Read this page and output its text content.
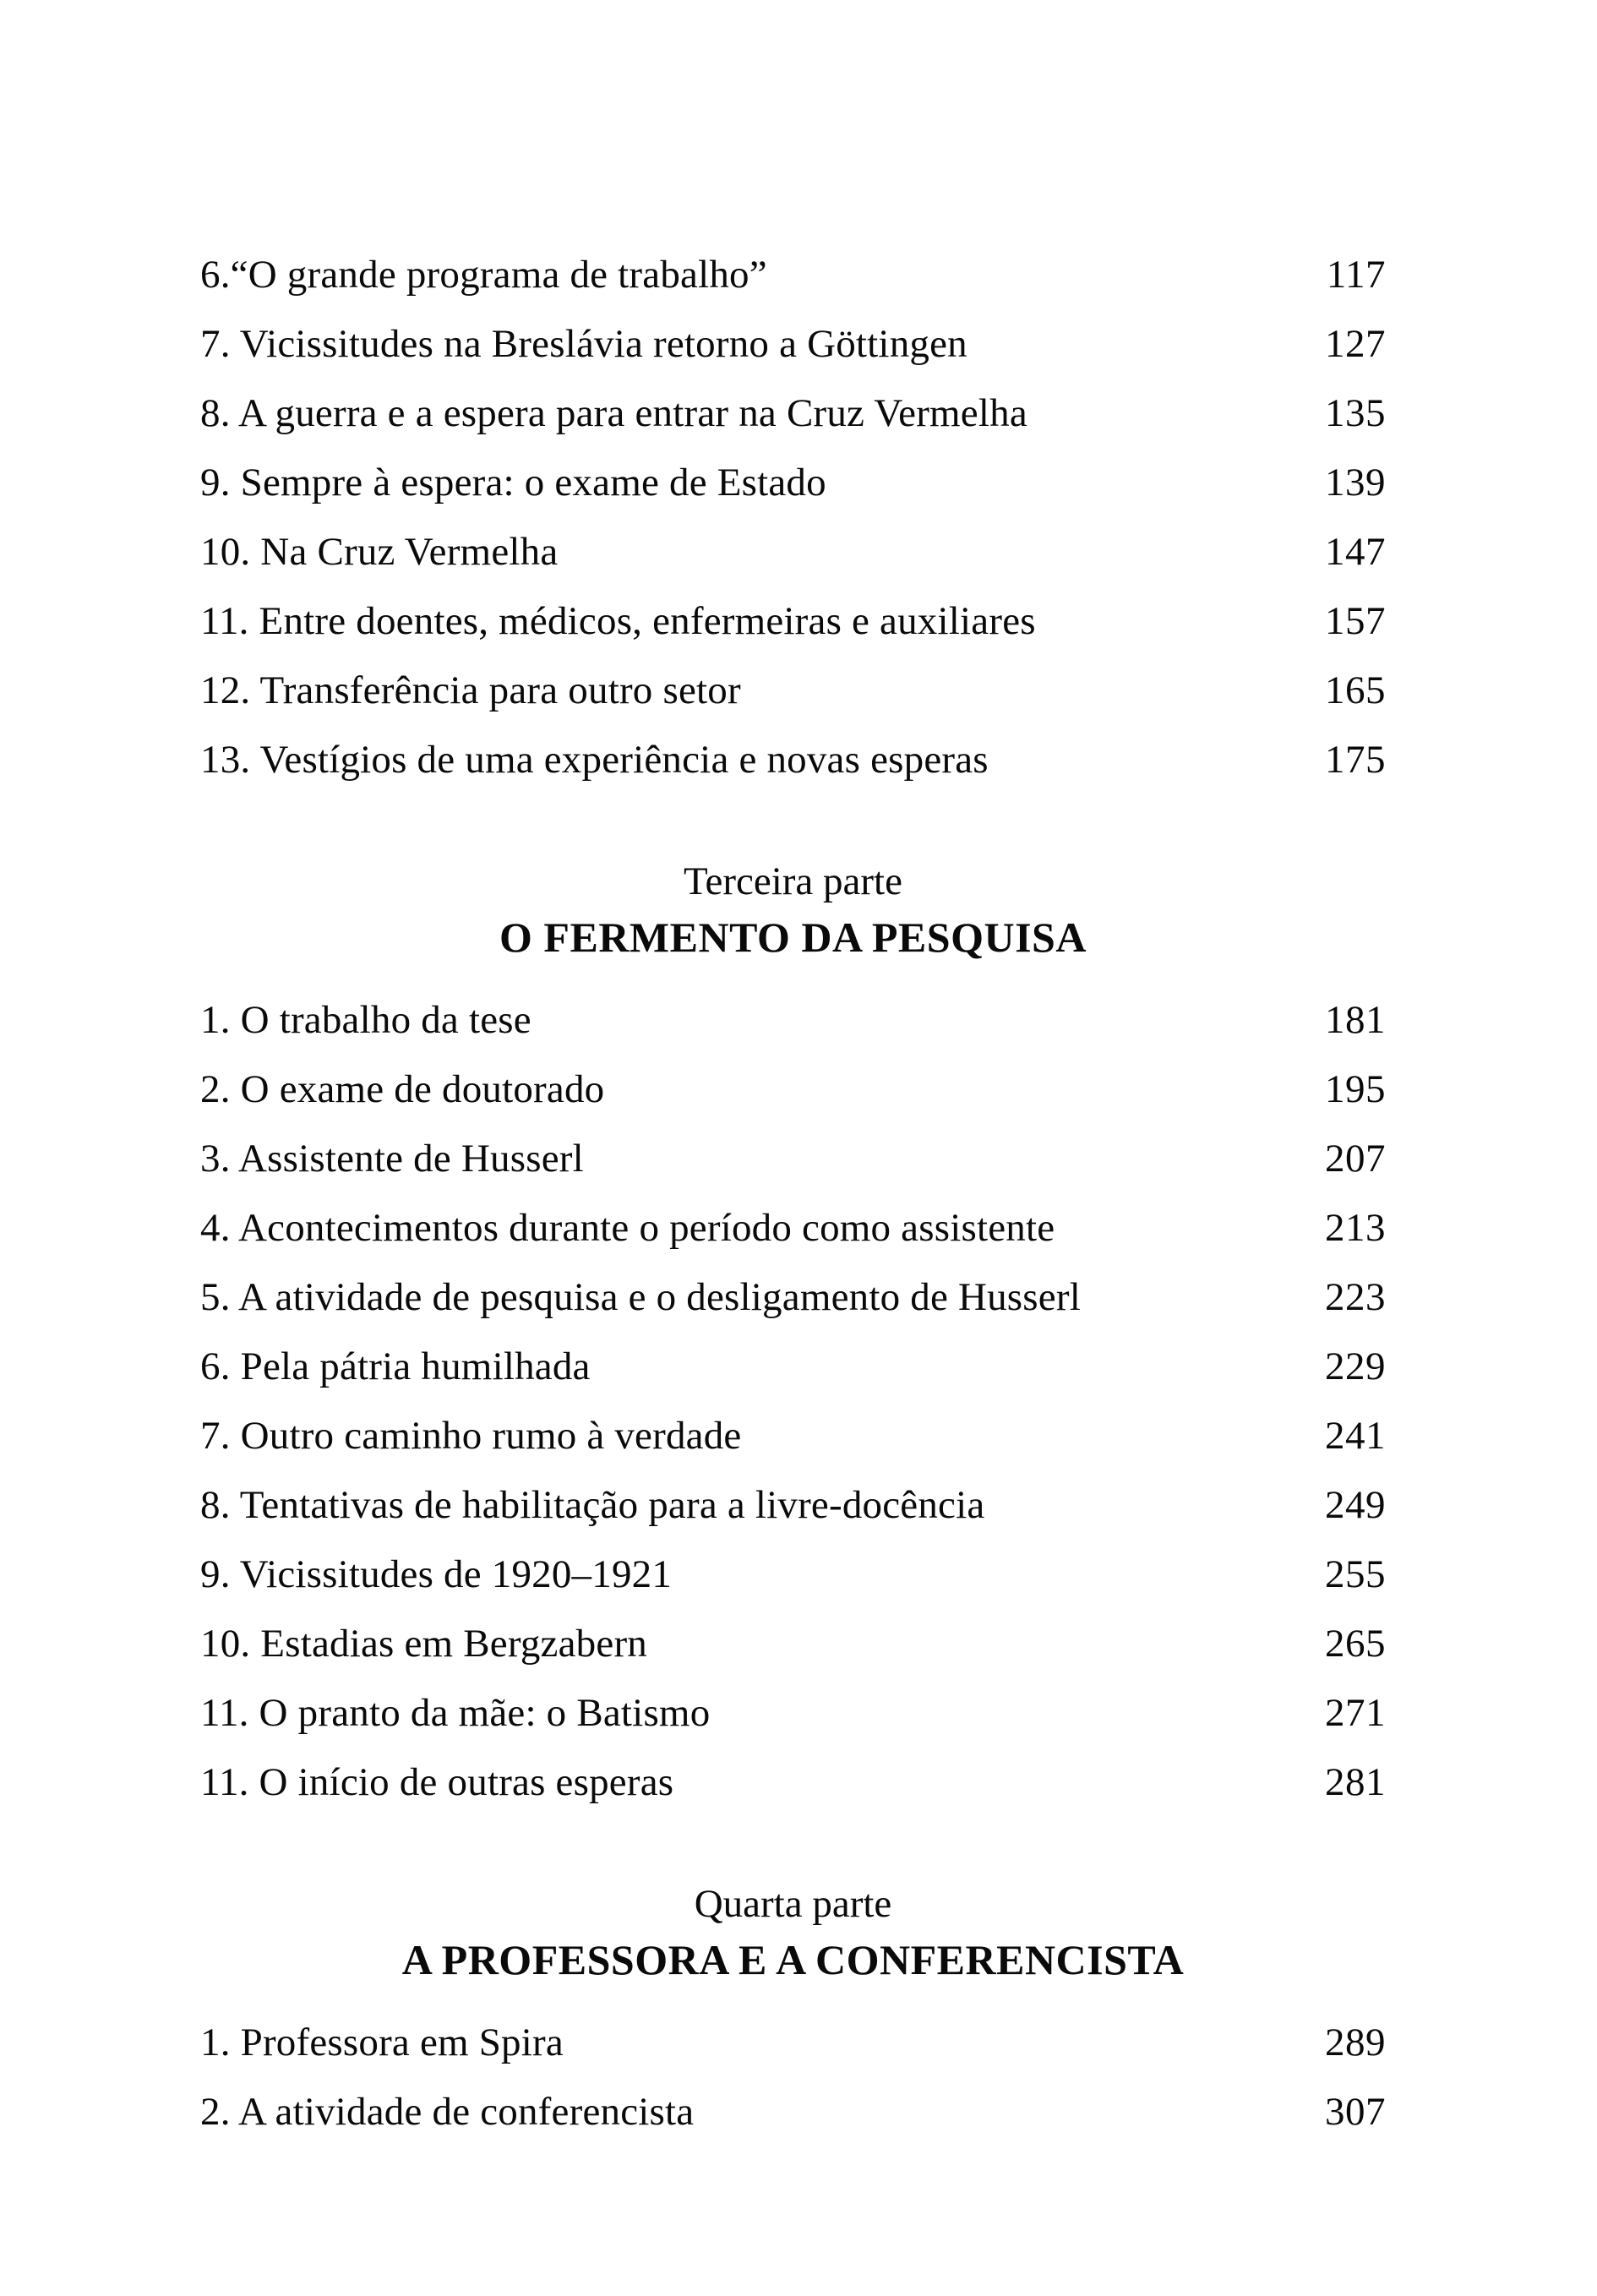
6.“O grande programa de trabalho”	117
7. Vicissitudes na Breslávia retorno a Göttingen	127
8. A guerra e a espera para entrar na Cruz Vermelha	135
9. Sempre à espera: o exame de Estado	139
10. Na Cruz Vermelha	147
11. Entre doentes, médicos, enfermeiras e auxiliares	157
12. Transferência para outro setor	165
13. Vestígios de uma experiência e novas esperas	175
Terceira parte
O FERMENTO DA PESQUISA
1. O trabalho da tese	181
2. O exame de doutorado	195
3. Assistente de Husserl	207
4. Acontecimentos durante o período como assistente	213
5. A atividade de pesquisa e o desligamento de Husserl	223
6. Pela pátria humilhada	229
7. Outro caminho rumo à verdade	241
8. Tentativas de habilitação para a livre-docência	249
9. Vicissitudes de 1920–1921	255
10. Estadias em Bergzabern	265
11. O pranto da mãe: o Batismo	271
11. O início de outras esperas	281
Quarta parte
A PROFESSORA E A CONFERENCISTA
1. Professora em Spira	289
2. A atividade de conferencista	307
